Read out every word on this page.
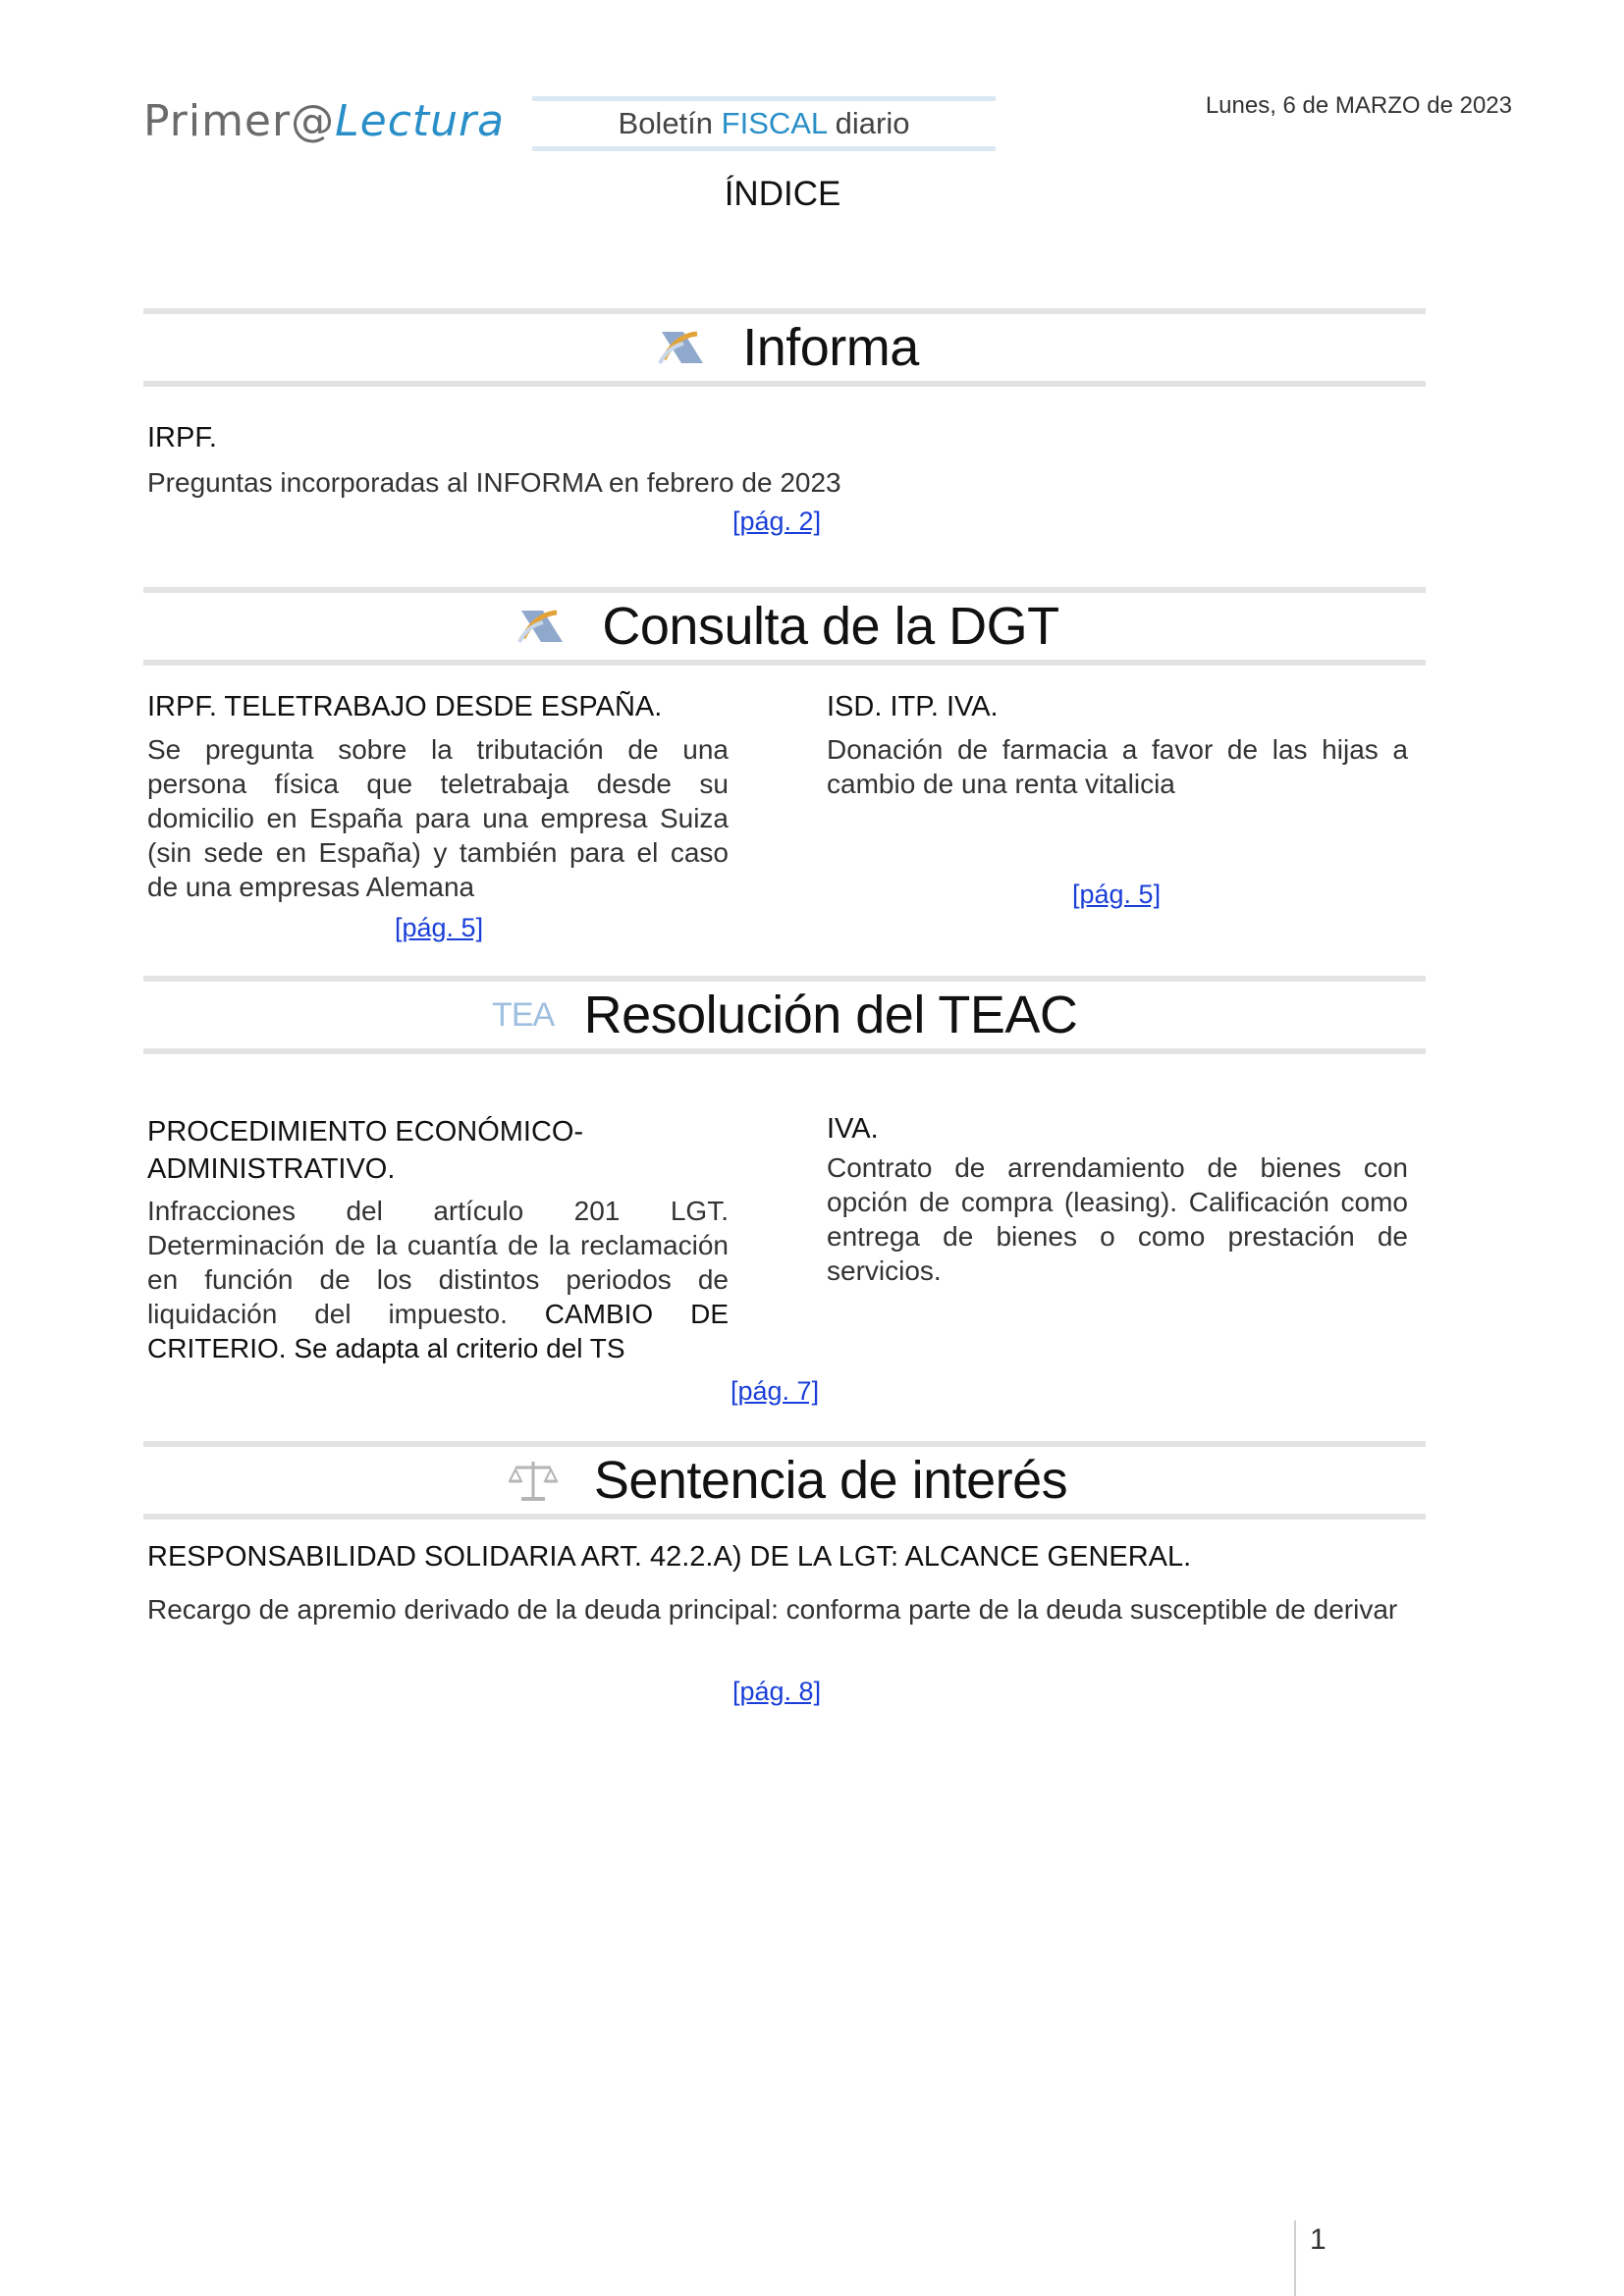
Primer@Lectura	Boletín FISCAL diario
Lunes, 6 de MARZO de 2023
ÍNDICE
Informa
IRPF.
Preguntas incorporadas al INFORMA en febrero de 2023
[pág. 2]
Consulta de la DGT
IRPF. TELETRABAJO DESDE ESPAÑA.
Se pregunta sobre la tributación de una persona física que teletrabaja desde su domicilio en España para una empresa Suiza (sin sede en España) y también para el caso de una empresas Alemana
[pág. 5]
ISD. ITP. IVA.
Donación de farmacia a favor de las hijas a cambio de una renta vitalicia
[pág. 5]
TEA Resolución del TEAC
PROCEDIMIENTO ECONÓMICO-
ADMINISTRATIVO.
Infracciones del artículo 201 LGT. Determinación de la cuantía de la reclamación en función de los distintos periodos de liquidación del impuesto. CAMBIO DE CRITERIO. Se adapta al criterio del TS
[pág. 7]
IVA.
Contrato de arrendamiento de bienes con opción de compra (leasing). Calificación como entrega de bienes o como prestación de servicios.
Sentencia de interés
RESPONSABILIDAD SOLIDARIA ART. 42.2.A) DE LA LGT: ALCANCE GENERAL.
Recargo de apremio derivado de la deuda principal: conforma parte de la deuda susceptible de derivar
[pág. 8]
1
